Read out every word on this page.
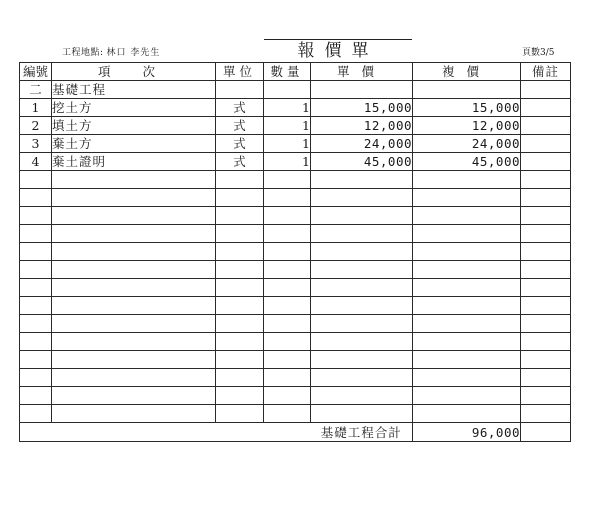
工程地點: 林口 李先生	報價單	頁數3/5
編號	項 次	單位	數量	單價	複價	備註
二	基礎工程					
1	挖土方	式	1	15,000	15,000	
2	填土方	式	1	12,000	12,000	
3	棄土方	式	1	24,000	24,000	
4	棄土證明	式	1	45,000	45,000	

				基礎工程合計	96,000	
